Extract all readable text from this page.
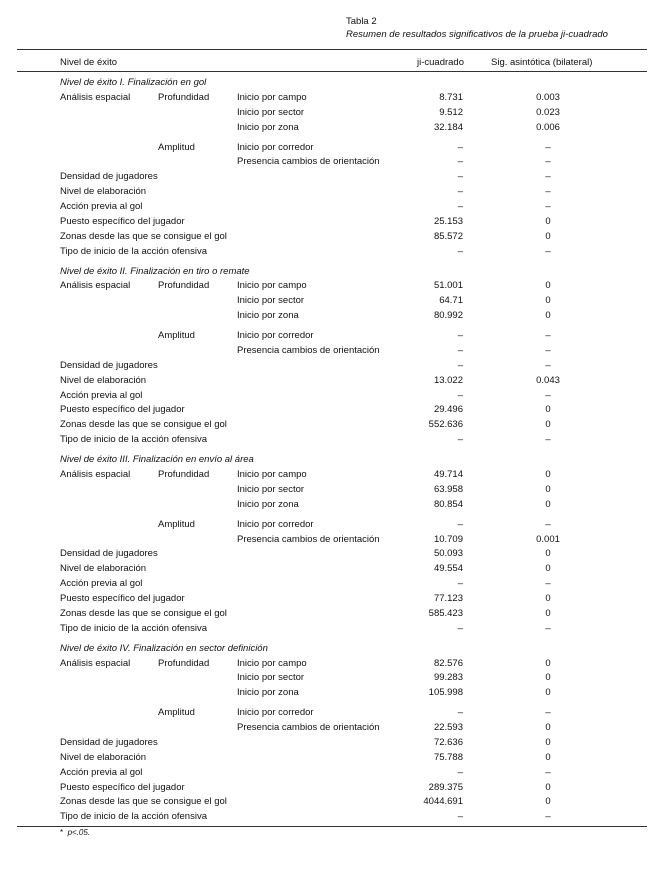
Tabla 2
Resumen de resultados significativos de la prueba ji-cuadrado
Nivel de éxito	ji-cuadrado	Sig. asintótica (bilateral)
Nivel de éxito I. Finalización en gol
Análisis espacial	Profundidad	Inicio por campo	8.731	0.003
Inicio por sector	9.512	0.023
Inicio por zona	32.184	0.006
Amplitud	Inicio por corredor	–	–
Presencia cambios de orientación	–	–
Densidad de jugadores	–	–
Nivel de elaboración	–	–
Acción previa al gol	–	–
Puesto específico del jugador	25.153	0
Zonas desde las que se consigue el gol	85.572	0
Tipo de inicio de la acción ofensiva	–	–
Nivel de éxito II. Finalización en tiro o remate
Análisis espacial	Profundidad	Inicio por campo	51.001	0
Inicio por sector	64.71	0
Inicio por zona	80.992	0
Amplitud	Inicio por corredor	–	–
Presencia cambios de orientación	–	–
Densidad de jugadores	–	–
Nivel de elaboración	13.022	0.043
Acción previa al gol	–	–
Puesto específico del jugador	29.496	0
Zonas desde las que se consigue el gol	552.636	0
Tipo de inicio de la acción ofensiva	–	–
Nivel de éxito III. Finalización en envío al área
Análisis espacial	Profundidad	Inicio por campo	49.714	0
Inicio por sector	63.958	0
Inicio por zona	80.854	0
Amplitud	Inicio por corredor	–	–
Presencia cambios de orientación	10.709	0.001
Densidad de jugadores	50.093	0
Nivel de elaboración	49.554	0
Acción previa al gol	–	–
Puesto específico del jugador	77.123	0
Zonas desde las que se consigue el gol	585.423	0
Tipo de inicio de la acción ofensiva	–	–
Nivel de éxito IV. Finalización en sector definición
Análisis espacial	Profundidad	Inicio por campo	82.576	0
Inicio por sector	99.283	0
Inicio por zona	105.998	0
Amplitud	Inicio por corredor	–	–
Presencia cambios de orientación	22.593	0
Densidad de jugadores	72.636	0
Nivel de elaboración	75.788	0
Acción previa al gol	–	–
Puesto específico del jugador	289.375	0
Zonas desde las que se consigue el gol	4044.691	0
Tipo de inicio de la acción ofensiva	–	–
* p<.05.
